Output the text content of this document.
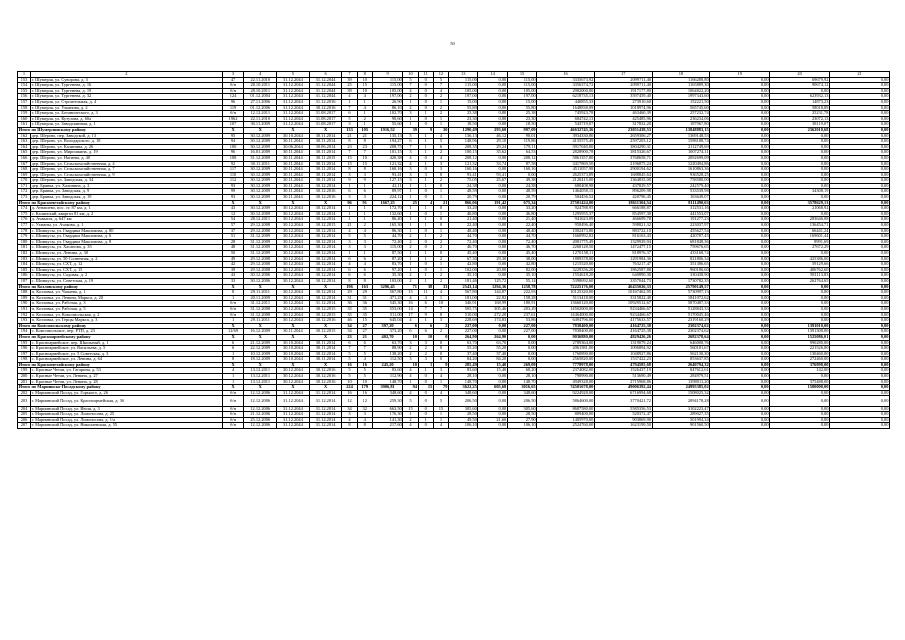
50
1	2	3	4	5	6	7	8	9	10	11	12	13	14	15	16	17	18	19	20	21
153	г. Шумерля, ул. Суворова, д. 3	47	22.11.2010	31.12.2044	31.12.2044	39	10	115,00	5	0	5	115,00	0,00	115,00	3335673,92	2099711,40	1166288,80	0,00	69679,92	0,00
154	г. Шумерля, ул. Тургенева, д. 16	б/н	28.10.2011	31.12.2044	31.12.2044	25	15	115,00	7	0	7	115,00	0,00	115,00	3356374,72	2099711,40	1165889,30	0,00	90674,12	0,00
155	г. Шумерля, ул. Тургенева, д. 19	б/н	28.10.2011	31.12.2044	31.12.2044	39	10	105,00	4	0	4	105,00	0,00	105,00	2982000,00	1917177,80	1064822,20	0,00	0,00	0,00
156	г. Шумерля, ул. Тургенева, д. 32	124	01.12.2004	31.12.2044	31.12.2044	4	4	197,00	2	0	2	197,00	0,00	197,00	6218735,13	3597459,40	1997343,60	0,00	623932,13	0,00
157	г. Шумерля, ул. Строительная, д. 4	96	27.11.2006	31.12.2044	31.12.2016	1	1	26,90	1	0	1	15,00	0,00	15,00	440855,33	273910,60	152221,50	0,00	14873,23	0,00
158	г. Шумерля, ул. Ульянова, д. 2	119	01.12.2006	31.12.2044	30.12.2016	7	4	86,10	2	0	2	55,80	0,00	55,80	1648838,09	1018974,96	565745,60	0,00	58018,09	0,00
159	г. Шумерля, ул. Ботанического, д. 3	б/н	12.12.2011	31.12.2044	31.08.2017	6	1	102,70	3	1	2	25,38	0,00	25,38	745923,78	463460,39	257232,74	0,00	25231,78	0,00
160	г. Шумерля, ул. Кутузова, д. 60а	1962	22.11.2010	31.12.2044	31.08.2017	5	2	90,60	1	0	1	23,30	0,00	23,30	684742,13	425485,96	236234,06	0,00	23072,13	0,00
161	г. Шумерля, ул. Заводскинная, д. 1	107	30.11.2009	31.12.2044	31.08.2017	3	1	55,60	1	0	1	18,50	0,00	18,50	543719,07	317832,20	187967,80	0,00	38119,07	0,00
Итого по Шумерлинскому району		X	X	X	X	133	105	1916,52	39	9	30	1290,49	293,60	997,09	46632745,36	23051438,53	13848883,15	0,00	2362010,68	0,00
162	дер. Шерово, пер. Заводской, д. 13	95	30.12.2009	30.10.2044	30.11.2014	21	21	135,13	5	1	4	136,13	46,12	90,01	3934330,80	2659306,27	1369148,53	0,00	0,00	0,00
163	дер. Шерово, ул. Володарского, д. 18	94	30.12.2009	30.11.2044	30.11.2014	8	8	194,27	6	1	5	148,96	29,10	119,86	4155575,49	2597203,12	1598188,74	0,00	0,00	0,00
164	дер. Шерово, ул. Калинина, д. 26	100	30.12.2009	30.06.2044	30.06.2014	23	23	208,75	7	1	6	208,35	29,24	179,11	5917040,00	3804290,31	2112749,69	0,00	0,00	0,00
165	дер. Шерово, ул. Мирошкина, д. 19	96	16.01.2009	30.11.2044	30.11.2014	7	7	101,15	3	1	2	100,15	35,62	64,53	2828900,78	1815326,67	1007274,11	0,00	0,00	0,00
166	дер. Шерово, ул. Нагиева, д. 40	108	31.12.2009	30.11.2044	30.11.2015	15	10	420,38	4	0	4	208,12	0,00	208,12	5861357,80	3768658,71	2092699,09	0,00	0,00	0,00
167	дер. Шерово, ул. Сельскохозяйственная, д. 4	92	30.11.2011	30.11.2044	30.11.2014	15	15	121,32	4	1	3	121,32	33,74	87,58	3417869,50	2196875,24	1220494,86	0,00	0,00	0,00
168	дер. Шерово, ул. Сельскохозяйственная, д. 7	117	30.12.2009	30.11.2044	30.11.2014	8	8	160,16	3	0	3	160,16	0,00	160,16	4511057,98	2900194,62	1610863,36	0,00	0,00	0,00
169	дер. Шерово, ул. Сельскохозяйственная, д. 9	110	30.12.2009	30.11.2044	30.11.2014	3	3	93,41	3	3	0	93,41	93,41	0,00	2625373,89	1688845,64	936528,25	0,00	0,00	0,00
170	дер. Шерово, ул. Заводская, д. 34	112	30.12.2009	30.11.2044	30.11.2014	9	9	127,15	3	1	2	75,05	25,67	49,38	2120415,00	1364835,00	758580,00	0,00	0,00	0,00
171	дер. Брянка, ул. Халинина, д. 2	93	30.12.2009	30.11.2044	30.12.2014	1	1	42,11	1	1	0	24,38	0,00	24,38	680408,98	437829,57	242579,40	0,00	0,00	0,00
172	дер. Брянка, ул. Заводская, д. 9	99	30.12.2009	30.11.2044	30.12.2016	6	6	89,97	1	0	1	48,59	0,00	48,59	1464058,15	896209,98	533539,98	0,00	34308,19	0,00
173	дер. Брянка, ул. Заводская, д. 19	93	30.12.2009	30.11.2044	30.12.2016	3	3	224,12	1	0	1	20,79	0,00	20,79	584456,52	420796,45	163649,07	0,00	0,00	0,00
Итого по Красночетайскому району		X	X	X	X	96	91	1667,25	25	4	21	866,06	191,42	675,34	27501424,00	18611304,54	8111490,63	0,00	3578629,13	0,00
174	д. Атнашево, пос. ст. 87 км, д. 1	43	30.12.2009	30.12.2044	30.12.2014	1	1	172,70	1	1	0	33,20	0,00	33,20	924788,95	666188,87	312531,16	0,00	21068,92	0,00
175	с. Калинский, квартал 81 км, д. 2	12	30.12.2009	30.12.2044	30.12.2014	1	1	132,60	1	0	1	46,80	0,00	46,80	1295955,37	854597,30	441553,07	0,00	0,00	0,00
176	д. Ачакасы, д. 647 км	54	28.12.2011	30.12.2044	30.12.2014	1	1	86,40	1	1	0	21,40	0,00	21,40	941623,09	466699,78	191277,23	0,00	283646,08	0,00
177	с. Ухманы, ул. Ачакова, д. 1	57	29.12.2008	30.12.2044	30.12.2015	21	2	165,30	1	1	0	22,40	0,00	22,40	958496,40	598821,32	223037,97	0,00	136454,71	0,00
178	с. Шимкусы, ул. Гвардика Максимова, д. 80	37	29.12.2008	30.12.2044	30.12.2014	4	4	86,30	1	0	1	48,40	0,00	48,40	1002473,80	883722,10	455627,54	0,00	66441,24	0,00
179	с. Шимкусы, ул. Гвардика Максимова, д. 6	51	31.12.2009	30.12.2044	30.12.2014	5	5	44,70	2	1	2	44,70	0,00	44,70	1660992,82	816163,43	420787,45	0,00	169601,44	0,00
180	с. Шимкусы, ул. Гвардика Максимова, д. 8	28	31.12.2009	30.12.2044	30.12.2014	3	3	72,40	2	0	2	72,40	0,00	72,40	2081775,49	1329929,94	681848,36	0,00	8991,69	0,00
181	с. Шимкусы, ул. Хасанова, д. 35	48	31.12.2009	30.12.2044	30.12.2014	3	3	115,00	2	0	2	46,70	0,00	46,70	2268128,50	1472477,15	759676,65	0,00	27672,29	0,00
182	с. Шимкусы, ул. Ленина, д. 30	50	31.12.2009	30.12.2044	30.12.2014	1	1	87,50	1	1	0	45,40	0,00	45,40	1270158,11	818976,37	433168,74	0,00	0,00	0,00
183	с. Шимкусы, ул. 50 Солнечная, д. 2	49	29.12.2008	30.12.2044	30.12.2014	6	6	87,20	1	1	2	67,30	29,30	38,00	1889378,00	1291984,36	821806,34	0,00	425386,00	0,00
184	с. Шимкусы, ул. СХТ, д. 12	42	29.12.2008	30.12.2044	30.12.2014	4	4	83,70	1	0	1	42,80	0,00	42,80	1215520,00	763217,47	351386,65	0,00	59129,66	0,00
185	с. Шимкусы, ул. СХТ, д. 15	39	29.12.2008	30.12.2044	30.12.2014	6	6	97,20	1	0	1	102,00	20,00	82,00	3229356,20	1862587,88	960186,60	0,00	406762,60	0,00
186	с. Шимкусы, ул. Садовая, д. 2	43	30.12.2006	30.12.2044	30.12.2014	6	6	35,30	2	1	2	35,10	0,00	35,10	1554618,20	640890,30	330438,90	0,00	581113,83	0,00
187	с. Шимкусы, ул. Советская, д. 19	33	30.12.2006	30.12.2044	30.12.2014	8	8	103,00	2	1	2	181,46	125,72	55,14	5398692,60	3357044,73	1730782,35	0,00	262764,65	0,00
Итого по Козловскому району		X	X	X	X	196	163	3296,45	71	38	33	2543,14	1294,36	1258,78	72225176,00	46435026,33	25790149,57	0,00	0,00	0,00
188	п. Козловка, ул. Чапаева, д. 1	8	29.11.2011	30.12.2044	30.12.2014	29	29	567,80	15	11	4	567,80	144,87	222,93	10125320,00	10167462,95	5730997,13	0,00	0,00	0,00
189	п. Козловка, ул. Ленина, Маркса, д. 20	1	20.11.2009	30.12.2044	30.12.2014	31	31	471,23	4	4	1	181,00	22,82	158,28	5113418,00	3315822,40	1841072,62	0,00	0,00	0,00
190	п. Козловка, ул. Рабочая, д. 3	б/н	31.12.2011	30.12.2044	31.12.2014	36	36	545,30	16	6	10	346,91	168,99	180,91	13660120,00	10929512,67	5870487,33	0,00	0,00	0,00
191	п. Козловка, ул. Рабочая, д. 5	б/н	31.12.2008	30.12.2044	30.12.2015	35	35	553,00	14	7	7	505,75	305,46	203,29	14502000,00	9234466,67	5128843,33	0,00	0,00	0,00
192	п. Козловка, ул. Комсомольская, д. 2	б/н	31.12.2008	30.12.2044	30.12.2015	35	35	511,00	17	9	8	510,00	272,20	237,61	14464000,00	9234466,67	5170045,46	0,00	0,00	0,00
193	п. Козловка, ул. Герцы Маркса, д. 3	1	29.11.2011	30.12.2044	30.12.2016	46	15	645,04	4	1	3	228,69	174,83	53,86	6494796,00	4175633,57	2319160,29	0,00	0,00	0,00
Итого по Комсомольскому району		X	X	X	X	34	27	397,20	6	6	2	227,00	0,00	227,00	7838400,00	4164725,38	2302374,62	0,00	1391010,00	0,00
194	с. Комсомольское, пер. РТП, д. 23	12/69	16.12.2009	30.11.2044	30.12.2015	34	27	373,20	6	6	2	227,00	0,00	227,00	7838400,00	4164725,38	2302374,62	0,00	1391300,00	0,00
Итого по Красноармейскому району		X	X	X	X	23	21	402,70	10	10	0	264,90	264,90	0,00	9036880,00	4829426,26	2682378,64	0,00	1525086,01	0,00
195	с. Красноармейское, пер. Школьный, д. 1	6	21.12.2009	30.10.2044	30.11.2014	6	6	63,70	3	3	0	63,70	63,70	0,00	2789364,00	1319079,24	646000,76	0,00	990280,00	0,00
196	с. Красноармейское, ул. Васильева, д. 5	6	22.12.2009	30.10.2044	30.11.2014	7	7	88,90	2	2	0	55,20	55,20	0,00	2061581,00	1096894,92	560181,67	0,00	221526,00	0,00
197	с. Красноармейское, ул. 5 Советская, д. 3	1	10.12.2009	30.10.2044	30.12.2014	5	5	138,20	2	2	0	37,40	37,40	0,00	1760890,00	1048927,86	562130,30	0,00	130460,00	0,00
198	с. Красноармейское, ул. Ленина, д. 64	8	18.12.2009	30.10.2044	30.11.2014	5	4	112,50	3	3	0	84,20	84,20	0,00	2565820,00	1537422,23	853637,85	0,00	272460,00	0,00
Итого по Красночетайскому району		X	X	X	X	16	16	245,20	10	1	9	285,49	15,40	269,09	7778978,00	4794585,68	2640794,32	0,00	376998,00	0,00
199	с. Красные Четаи, ул. Гагарина, д. 53	4	13.12.2011	30.12.2044	30.12.2016	5	5	83,60	4	1	3	83,60	15,40	68,20	2374082,00	1526437,19	847612,61	0,00	142,00	0,00
200	с. Красные Четаи, ул. Ленина, д. 27	1	13.12.2011	30.12.2044	30.12.2016	5	5	112,90	4	0	4	28,10	0,00	28,10	798990,00	513690,49	284979,51	0,00	0,00	0,00
201	с. Красные Четаи, ул. Ленина, д. 28	1	13.12.2011	30.12.2044	30.12.2016	10	10	148,70	1	0	1	148,70	0,00	148,70	4949328,00	2715968,86	1398011,20	0,00	375488,00	0,00
Итого по Мариинско-Посадскому району		X	X	X	X	224	179	3906,81	94	15	79	3622,25	605,68	3016,65	74501678,00	49006392,44	24995385,02	0,00	1500000,00	0,00
202	г. Мариинский Посад, ул. Горького, д. 26	б/н	12.12.2006	31.12.2044	31.12.2014	16	16	348,60	4	0	4	348,60	0,00	348,60	9224928,00	6716994,68	1508025,32	0,00	0,00	0,00
203	г. Мариинский Посад, ул. Красноармейская, д. 3б	б/н	12.12.2006	31.12.2044	31.12.2014	12	12	259,30	5	0	5	206,50	0,00	206,50	5864600,00	3770421,72	2094178,28	0,00	0,00	0,00
204	г. Мариинский Посад, ул. Июля, д. 3	б/н	12.12.2006	31.12.2044	31.12.2014	34	32	663,50	15	0	15	305,60	0,00	305,60	8687580,00	5585356,53	3102223,47	0,00	0,00	0,00
205	г. Мариинский Посад, ул. Ломоносова, д. 25	б/н	21.12.2006	31.12.2044	31.12.2014	3	3	176,30	1	0	1	28,50	0,00	28,50	809400,00	520372,47	289027,35	0,00	0,00	0,00
206	г. Мариинский Посад, ул. Ломоносова, д. 1/а	б/н	25.12.2006	31.12.2044	31.12.2014	4	4	141,30	2	1	1	49,50	21,60	27,90	1405970,00	903869,90	501994,34	0,00	0,00	0,00
207	г. Мариинский Посад, ул. Николаевская, д. 55	б/н	12.12.2006	31.12.2044	31.12.2014	8	8	217,60	4	0	4	106,10	0,00	106,10	2524760,00	1623199,50	901560,50	0,00	0,00	0,00
